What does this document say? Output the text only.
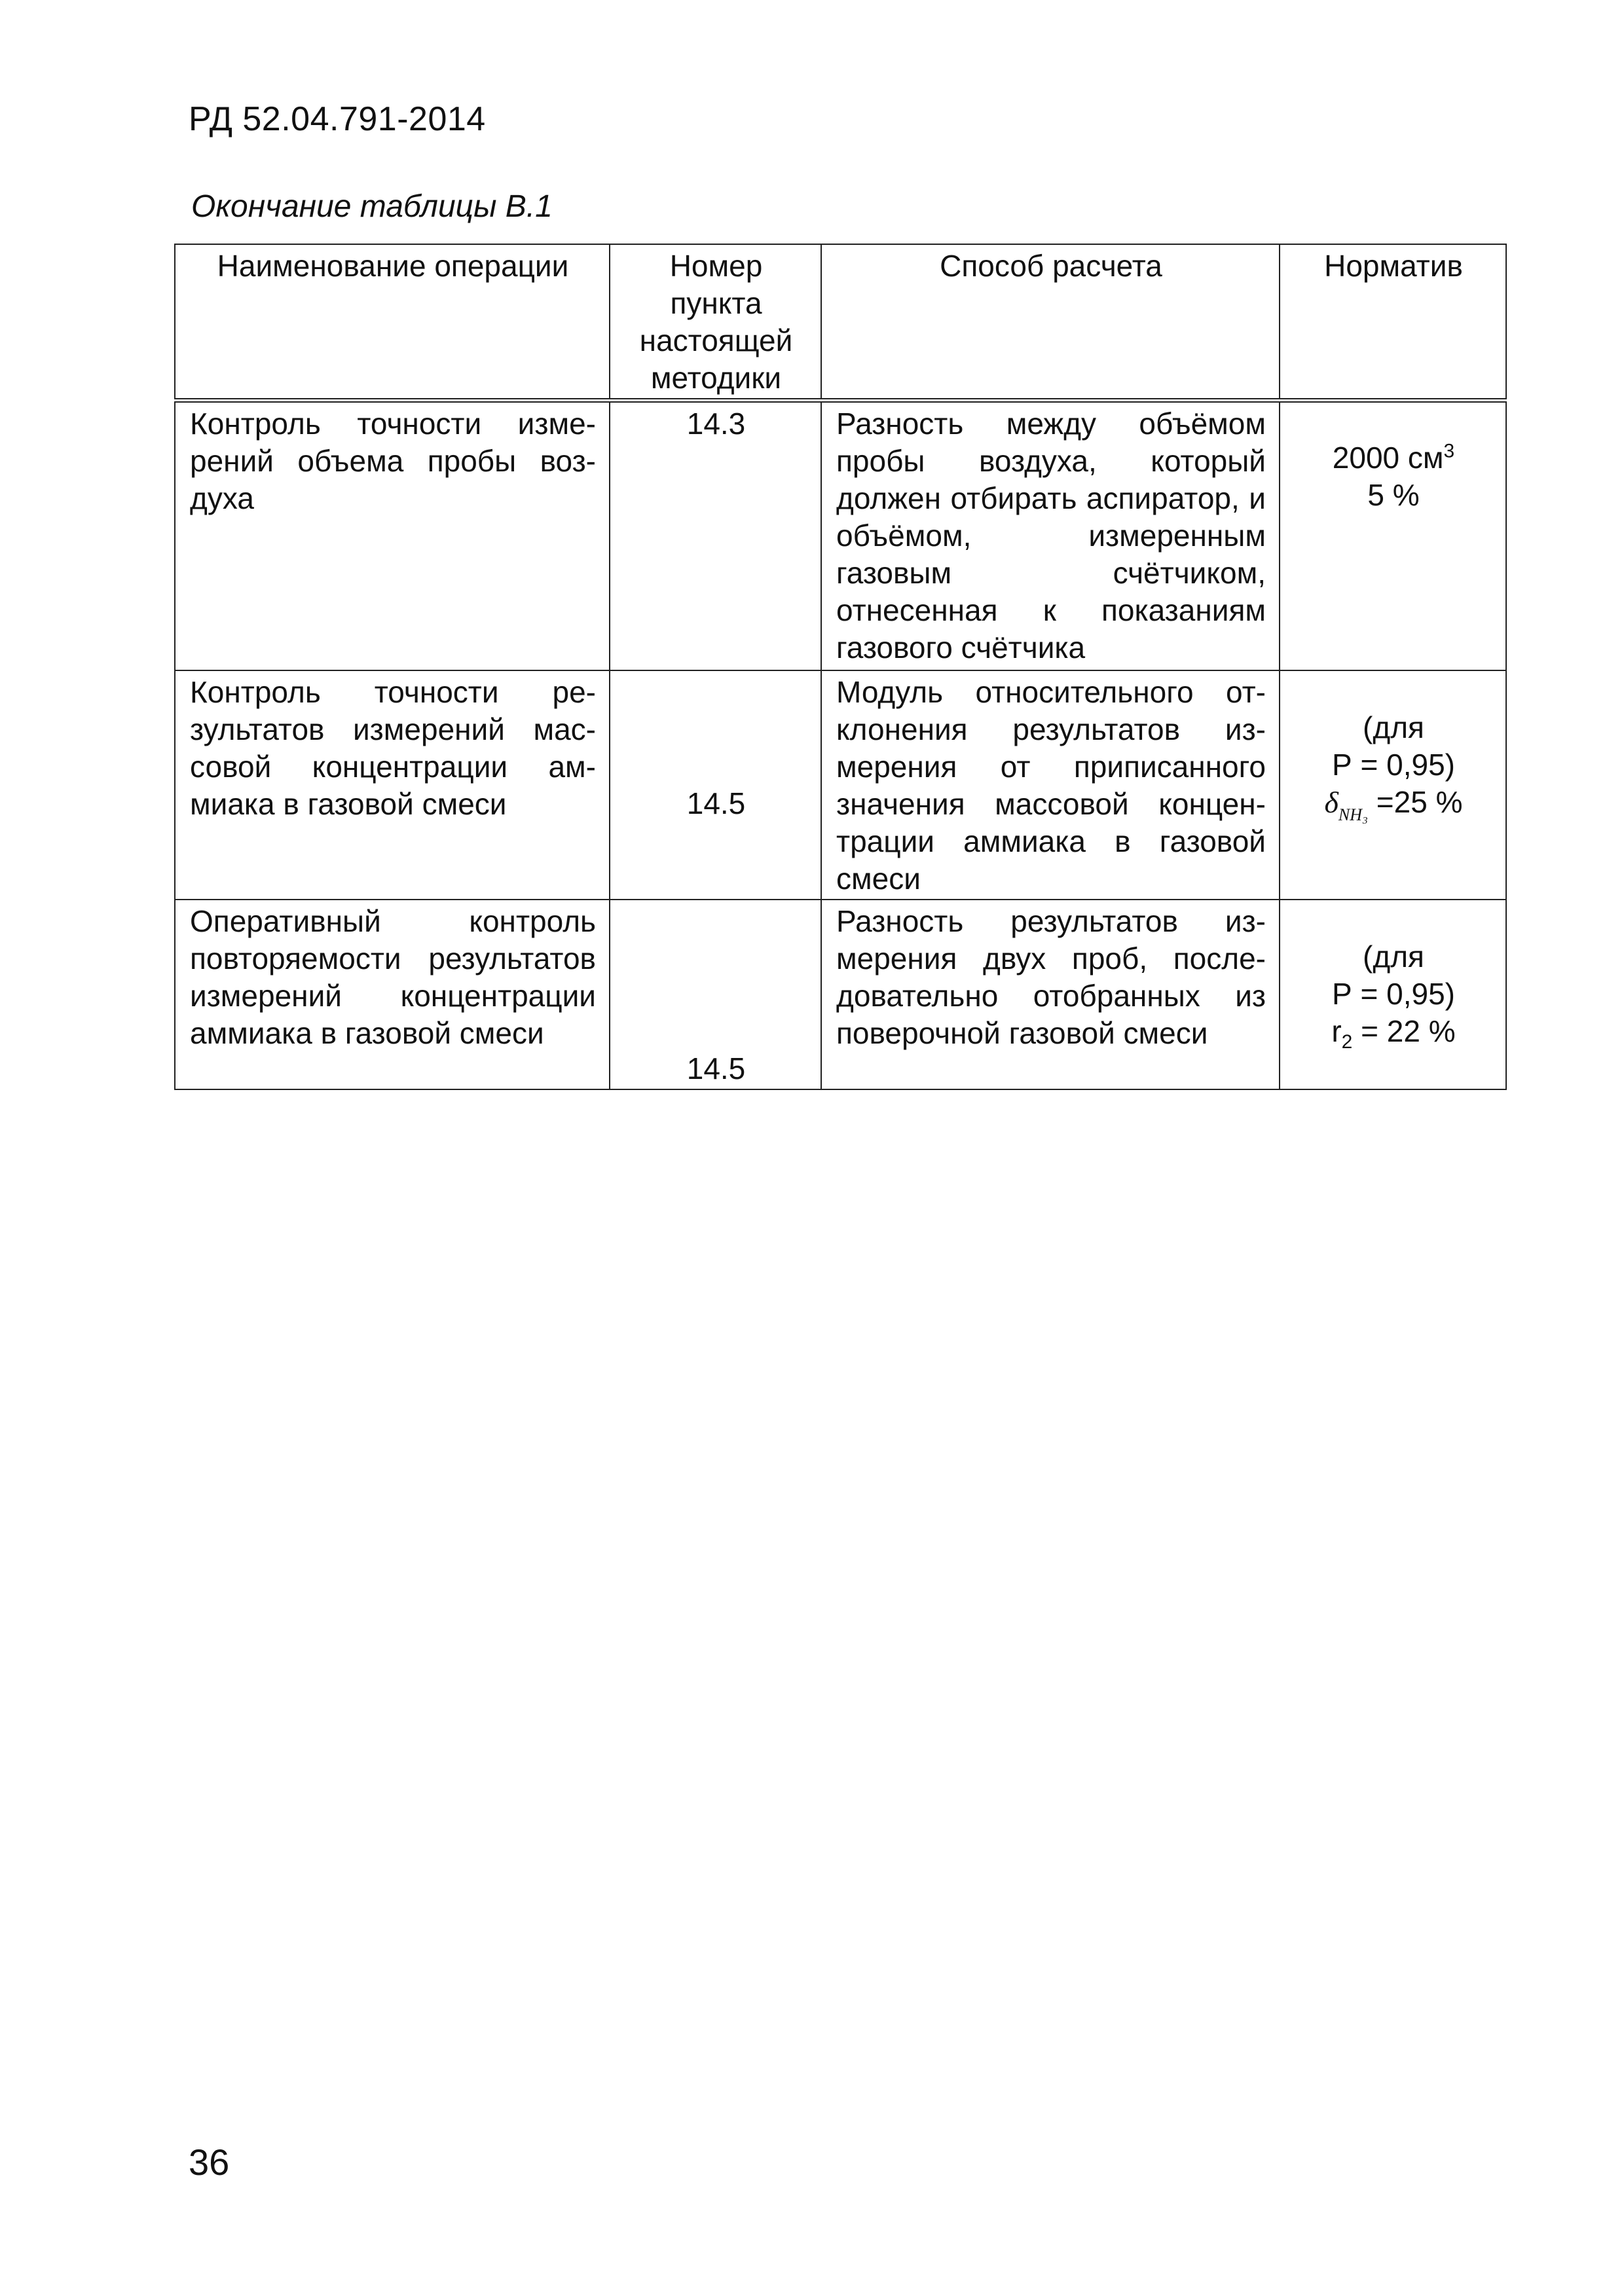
РД 52.04.791-2014

Окончание таблицы В.1

Наименование операции	Номер пункта настоящей методики	Способ расчета	Норматив
Контроль точности измерений объема пробы воздуха	14.3	Разность между объёмом пробы воздуха, который должен отбирать аспиратор, и объёмом, измеренным газовым счётчиком, отнесенная к показаниям газового счётчика	2000 $см^3$
5 %

Контроль точности результатов измерений массовой концентрации аммиака в газовой смеси	14.5	Модуль относительного отклонения результатов измерения от приписанного значения массовой концентрации аммиака в газовой смеси	(для
Р = 0,95)
$\delta_{NH_3} =25$ %

Оперативный контроль повторяемости результатов измерений концентрации аммиака в газовой смеси	14.5	Разность результатов измерения двух проб, последовательно отобранных из поверочной газовой смеси	(для
Р = 0,95)
$r_2 = 22$ %

36
